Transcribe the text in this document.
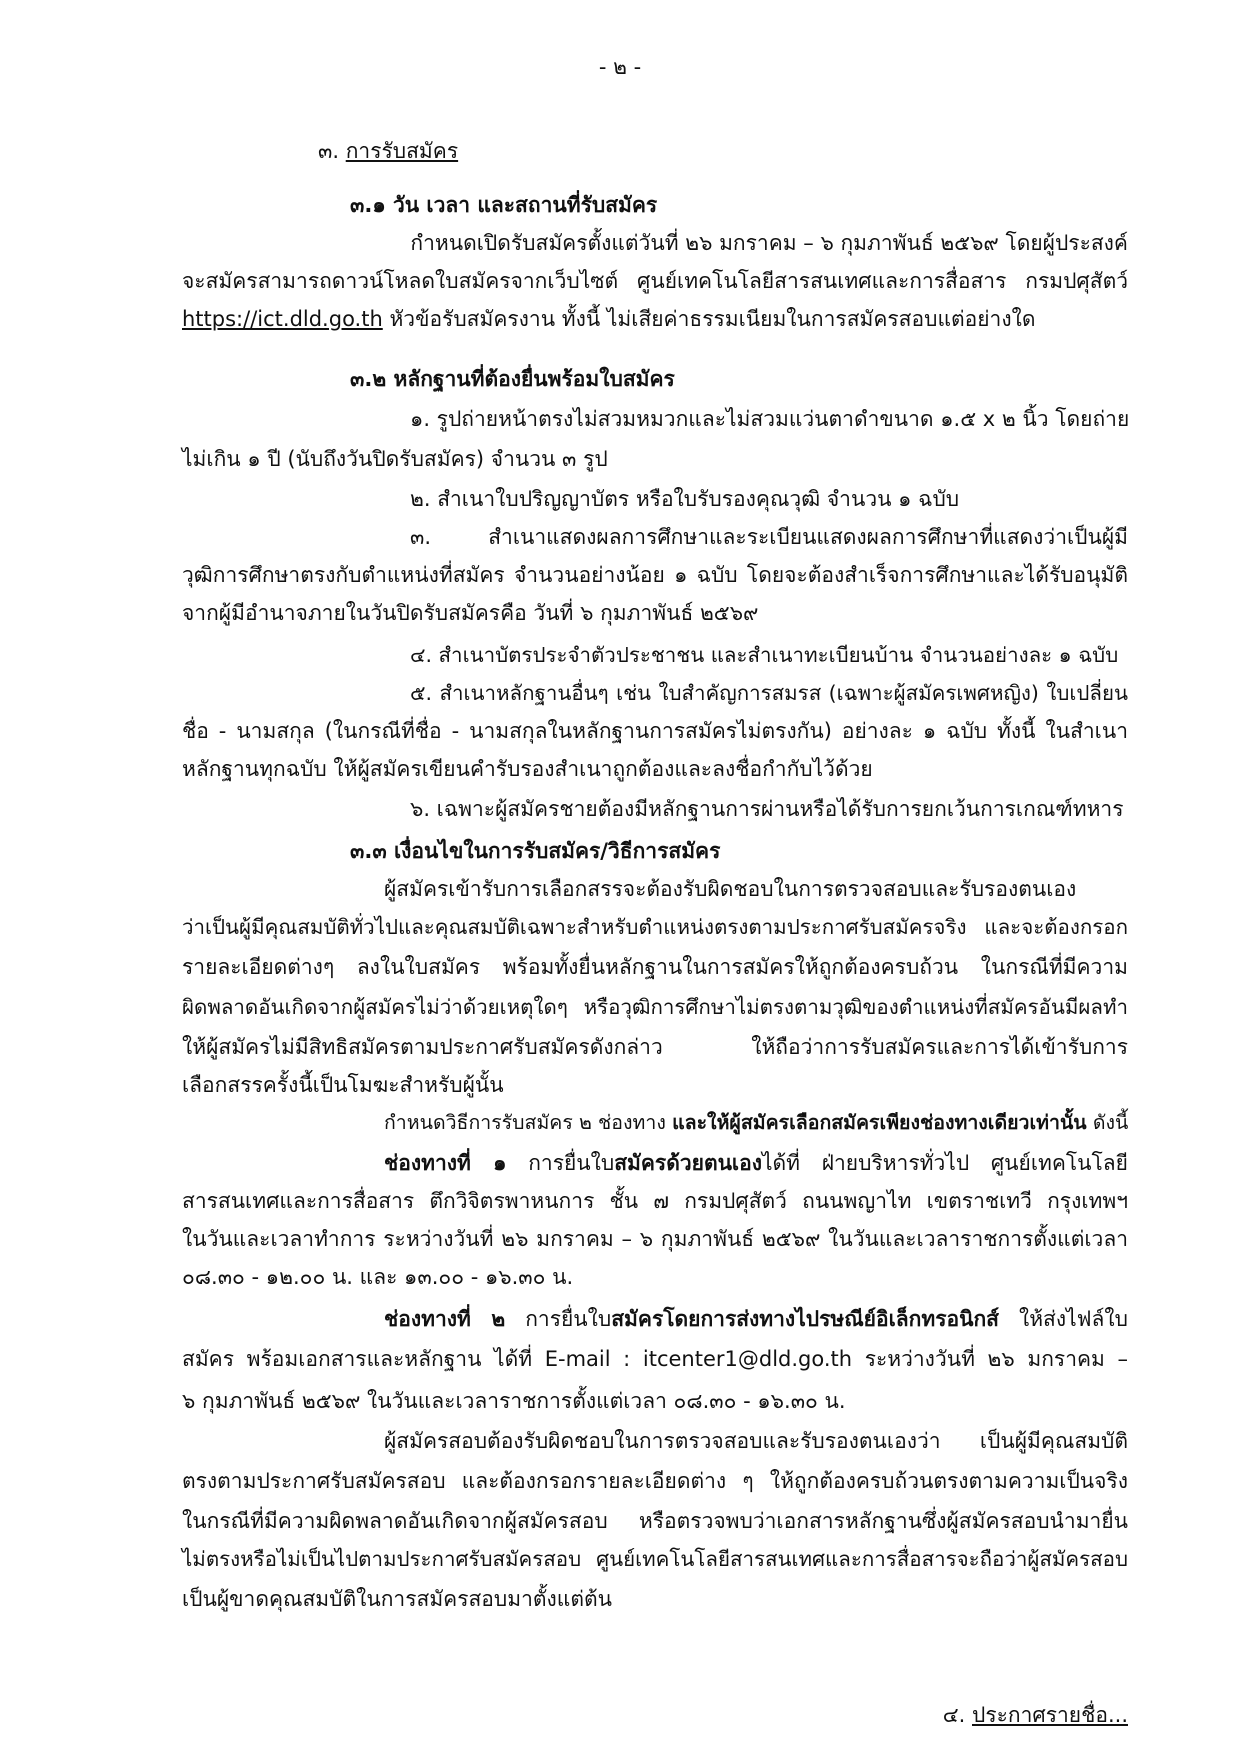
- ๒ -
๓. การรับสมัคร
๓.๑ วัน เวลา และสถานที่รับสมัคร
กำหนดเปิดรับสมัครตั้งแต่วันที่ ๒๖ มกราคม – ๖ กุมภาพันธ์ ๒๕๖๙ โดยผู้ประสงค์
จะสมัครสามารถดาวน์โหลดใบสมัครจากเว็บไซต์ ศูนย์เทคโนโลยีสารสนเทศและการสื่อสาร กรมปศุสัตว์
https://ict.dld.go.th หัวข้อรับสมัครงาน ทั้งนี้ ไม่เสียค่าธรรมเนียมในการสมัครสอบแต่อย่างใด
๓.๒ หลักฐานที่ต้องยื่นพร้อมใบสมัคร
๑. รูปถ่ายหน้าตรงไม่สวมหมวกและไม่สวมแว่นตาดำขนาด ๑.๕ x ๒ นิ้ว โดยถ่าย
ไม่เกิน ๑ ปี (นับถึงวันปิดรับสมัคร) จำนวน ๓ รูป
๒. สำเนาใบปริญญาบัตร หรือใบรับรองคุณวุฒิ จำนวน ๑ ฉบับ
๓. สำเนาแสดงผลการศึกษาและระเบียนแสดงผลการศึกษาที่แสดงว่าเป็นผู้มี
วุฒิการศึกษาตรงกับตำแหน่งที่สมัคร จำนวนอย่างน้อย ๑ ฉบับ โดยจะต้องสำเร็จการศึกษาและได้รับอนุมัติ
จากผู้มีอำนาจภายในวันปิดรับสมัครคือ วันที่ ๖ กุมภาพันธ์ ๒๕๖๙
๔. สำเนาบัตรประจำตัวประชาชน และสำเนาทะเบียนบ้าน จำนวนอย่างละ ๑ ฉบับ
๕. สำเนาหลักฐานอื่นๆ เช่น ใบสำคัญการสมรส (เฉพาะผู้สมัครเพศหญิง) ใบเปลี่ยน
ชื่อ - นามสกุล (ในกรณีที่ชื่อ - นามสกุลในหลักฐานการสมัครไม่ตรงกัน) อย่างละ ๑ ฉบับ ทั้งนี้ ในสำเนา
หลักฐานทุกฉบับ ให้ผู้สมัครเขียนคำรับรองสำเนาถูกต้องและลงชื่อกำกับไว้ด้วย
๖. เฉพาะผู้สมัครชายต้องมีหลักฐานการผ่านหรือได้รับการยกเว้นการเกณฑ์ทหาร
๓.๓ เงื่อนไขในการรับสมัคร/วิธีการสมัคร
ผู้สมัครเข้ารับการเลือกสรรจะต้องรับผิดชอบในการตรวจสอบและรับรองตนเอง
ว่าเป็นผู้มีคุณสมบัติทั่วไปและคุณสมบัติเฉพาะสำหรับตำแหน่งตรงตามประกาศรับสมัครจริง และจะต้องกรอก
รายละเอียดต่างๆ ลงในใบสมัคร พร้อมทั้งยื่นหลักฐานในการสมัครให้ถูกต้องครบถ้วน ในกรณีที่มีความ
ผิดพลาดอันเกิดจากผู้สมัครไม่ว่าด้วยเหตุใดๆ หรือวุฒิการศึกษาไม่ตรงตามวุฒิของตำแหน่งที่สมัครอันมีผลทำ
ให้ผู้สมัครไม่มีสิทธิสมัครตามประกาศรับสมัครดังกล่าว ให้ถือว่าการรับสมัครและการได้เข้ารับการ
เลือกสรรครั้งนี้เป็นโมฆะสำหรับผู้นั้น
กำหนดวิธีการรับสมัคร ๒ ช่องทาง และให้ผู้สมัครเลือกสมัครเพียงช่องทางเดียวเท่านั้น ดังนี้
ช่องทางที่ ๑ การยื่นใบสมัครด้วยตนเองได้ที่ ฝ่ายบริหารทั่วไป ศูนย์เทคโนโลยี
สารสนเทศและการสื่อสาร ตึกวิจิตรพาหนการ ชั้น ๗ กรมปศุสัตว์ ถนนพญาไท เขตราชเทวี กรุงเทพฯ
ในวันและเวลาทำการ ระหว่างวันที่ ๒๖ มกราคม – ๖ กุมภาพันธ์ ๒๕๖๙ ในวันและเวลาราชการตั้งแต่เวลา
๐๘.๓๐ - ๑๒.๐๐ น. และ ๑๓.๐๐ - ๑๖.๓๐ น.
ช่องทางที่ ๒ การยื่นใบสมัครโดยการส่งทางไปรษณีย์อิเล็กทรอนิกส์ ให้ส่งไฟล์ใบ
สมัคร พร้อมเอกสารและหลักฐาน ได้ที่ E-mail : itcenter1@dld.go.th ระหว่างวันที่ ๒๖ มกราคม –
๖ กุมภาพันธ์ ๒๕๖๙ ในวันและเวลาราชการตั้งแต่เวลา ๐๘.๓๐ - ๑๖.๓๐ น.
ผู้สมัครสอบต้องรับผิดชอบในการตรวจสอบและรับรองตนเองว่า เป็นผู้มีคุณสมบัติ
ตรงตามประกาศรับสมัครสอบ และต้องกรอกรายละเอียดต่าง ๆ ให้ถูกต้องครบถ้วนตรงตามความเป็นจริง
ในกรณีที่มีความผิดพลาดอันเกิดจากผู้สมัครสอบ หรือตรวจพบว่าเอกสารหลักฐานซึ่งผู้สมัครสอบนำมายื่น
ไม่ตรงหรือไม่เป็นไปตามประกาศรับสมัครสอบ ศูนย์เทคโนโลยีสารสนเทศและการสื่อสารจะถือว่าผู้สมัครสอบ
เป็นผู้ขาดคุณสมบัติในการสมัครสอบมาตั้งแต่ต้น
๔. ประกาศรายชื่อ...
